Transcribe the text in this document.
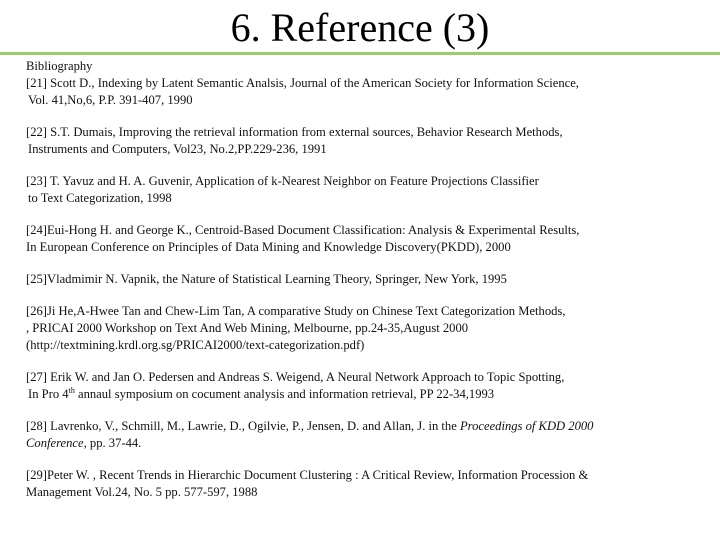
6. Reference (3)
Bibliography
[21] Scott D., Indexing by Latent Semantic Analsis, Journal of the American Society for Information Science,
Vol. 41,No,6, P.P. 391-407, 1990
[22] S.T. Dumais, Improving the retrieval information from external sources, Behavior Research Methods,
Instruments and Computers, Vol23, No.2,PP.229-236, 1991
[23] T. Yavuz and H. A. Guvenir, Application of k-Nearest Neighbor on Feature Projections Classifier
to Text Categorization, 1998
[24]Eui-Hong H. and George K., Centroid-Based Document Classification: Analysis & Experimental Results,
In European Conference on Principles of Data Mining and Knowledge Discovery(PKDD), 2000
[25]Vladmimir N. Vapnik, the Nature of Statistical Learning Theory, Springer, New York, 1995
[26]Ji He,A-Hwee Tan and Chew-Lim Tan, A comparative Study on Chinese Text Categorization Methods,
, PRICAI 2000 Workshop on Text And Web Mining, Melbourne, pp.24-35,August 2000
(http://textmining.krdl.org.sg/PRICAI2000/text-categorization.pdf)
[27] Erik W. and Jan O. Pedersen and Andreas S. Weigend, A Neural Network Approach to Topic Spotting,
In Pro 4th annaul symposium on cocument analysis and information retrieval, PP 22-34,1993
[28] Lavrenko, V., Schmill, M., Lawrie, D., Ogilvie, P., Jensen, D. and Allan, J. in the Proceedings of KDD 2000
Conference, pp. 37-44.
[29]Peter W. , Recent Trends in Hierarchic Document Clustering : A Critical Review, Information Procession &
Management Vol.24, No. 5 pp. 577-597, 1988
